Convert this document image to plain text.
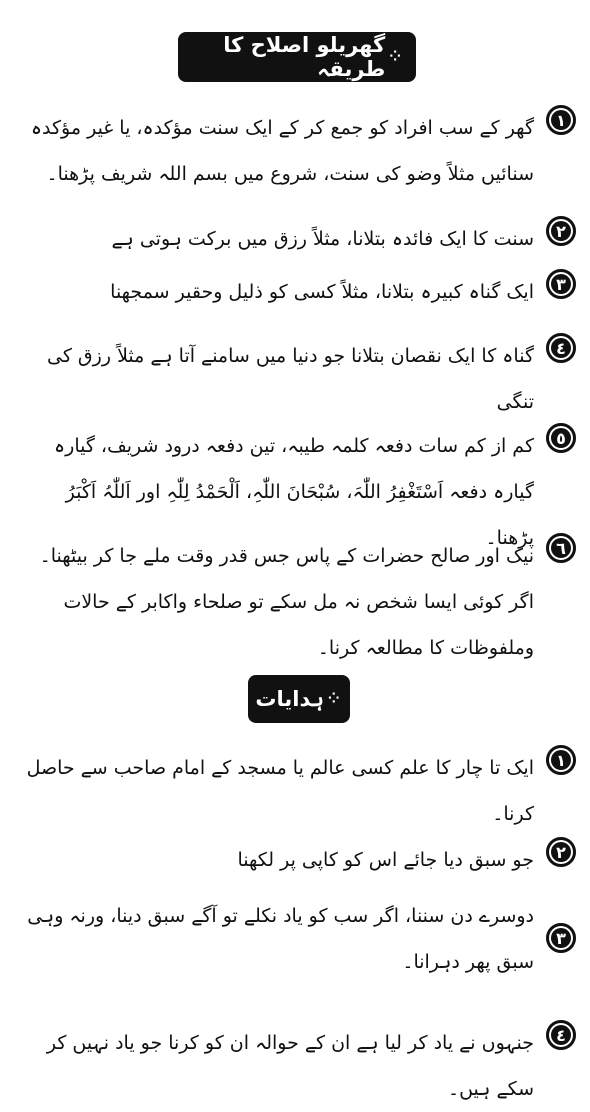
⁘
گھریلو اصلاح کا طریقہ
١
گھر کے سب افراد کو جمع کر کے ایک سنت مؤکدہ، یا غیر مؤکدہ سنائیں مثلاً وضو کی سنت، شروع میں بسم اللہ شریف پڑھنا۔
٢
سنت کا ایک فائدہ بتلانا، مثلاً رزق میں برکت ہوتی ہے
٣
ایک گناہ کبیرہ بتلانا، مثلاً کسی کو ذلیل وحقیر سمجھنا
٤
گناہ کا ایک نقصان بتلانا جو دنیا میں سامنے آتا ہے مثلاً رزق کی تنگی
٥
کم از کم سات دفعہ کلمہ طیبہ، تین دفعہ درود شریف، گیارہ گیارہ دفعہ اَسْتَغْفِرُ اللّٰہَ، سُبْحَانَ اللّٰہِ، اَلْحَمْدُ لِلّٰہِ اور اَللّٰہُ اَکْبَرُ پڑھنا۔	٦
نیک اور صالح حضرات کے پاس جس قدر وقت ملے جا کر بیٹھنا۔ اگر کوئی ایسا شخص نہ مل سکے تو صلحاء واکابر کے حالات وملفوظات کا مطالعہ کرنا۔
⁘
ہدایات
١
ایک تا چار کا علم کسی عالم یا مسجد کے امام صاحب سے حاصل کرنا۔
٢
جو سبق دیا جائے اس کو کاپی پر لکھنا
٣
دوسرے دن سننا، اگر سب کو یاد نکلے تو آگے سبق دینا، ورنہ وہی سبق پھر دہرانا۔
٤
جنہوں نے یاد کر لیا ہے ان کے حوالہ ان کو کرنا جو یاد نہیں کر سکے ہیں۔
